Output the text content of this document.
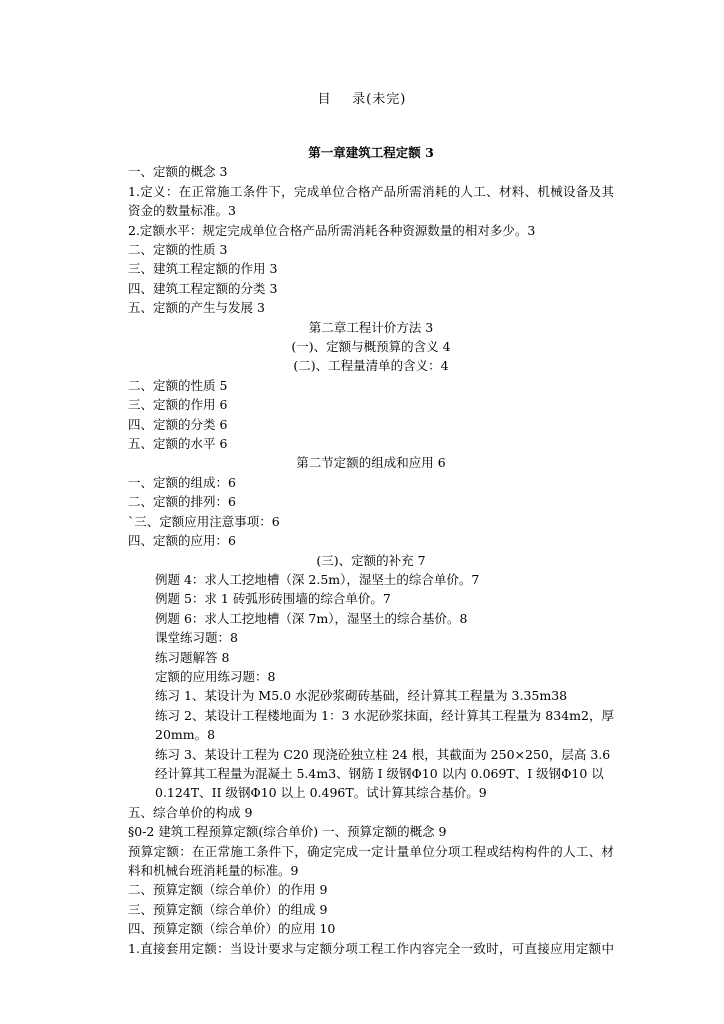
目    录(未完)
第一章建筑工程定额 3
一、定额的概念 3
1.定义：在正常施工条件下，完成单位合格产品所需消耗的人工、材料、机械设备及其
资金的数量标准。3
2.定额水平：规定完成单位合格产品所需消耗各种资源数量的相对多少。3
二、定额的性质 3
三、建筑工程定额的作用 3
四、建筑工程定额的分类 3
五、定额的产生与发展 3
第二章工程计价方法 3
(一)、定额与概预算的含义 4
(二)、工程量清单的含义：4
二、定额的性质 5
三、定额的作用 6
四、定额的分类 6
五、定额的水平 6
第二节定额的组成和应用 6
一、定额的组成：6
二、定额的排列：6
`三、定额应用注意事项：6
四、定额的应用：6
(三)、定额的补充 7
例题 4：求人工挖地槽（深 2.5m），湿坚土的综合单价。7
例题 5：求 1 砖弧形砖围墙的综合单价。7
例题 6：求人工挖地槽（深 7m），湿坚土的综合基价。8
课堂练习题：8
练习题解答 8
定额的应用练习题：8
练习 1、某设计为 M5.0 水泥砂浆砌砖基础，经计算其工程量为 3.35m38
练习 2、某设计工程楼地面为 1：3 水泥砂浆抹面，经计算其工程量为 834m2，厚
20mm。8
练习 3、某设计工程为 C20 现浇砼独立柱 24 根，其截面为 250×250，层高 3.6
经计算其工程量为混凝土 5.4m3、钢筋 I 级钢Φ10 以内 0.069T、I 级钢Φ10 以
0.124T、II 级钢Φ10 以上 0.496T。试计算其综合基价。9
五、综合单价的构成 9
§0-2 建筑工程预算定额(综合单价) 一、预算定额的概念 9
预算定额：在正常施工条件下，确定完成一定计量单位分项工程或结构构件的人工、材
料和机械台班消耗量的标准。9
二、预算定额（综合单价）的作用 9
三、预算定额（综合单价）的组成 9
四、预算定额（综合单价）的应用 10
1.直接套用定额：当设计要求与定额分项工程工作内容完全一致时，可直接应用定额中
